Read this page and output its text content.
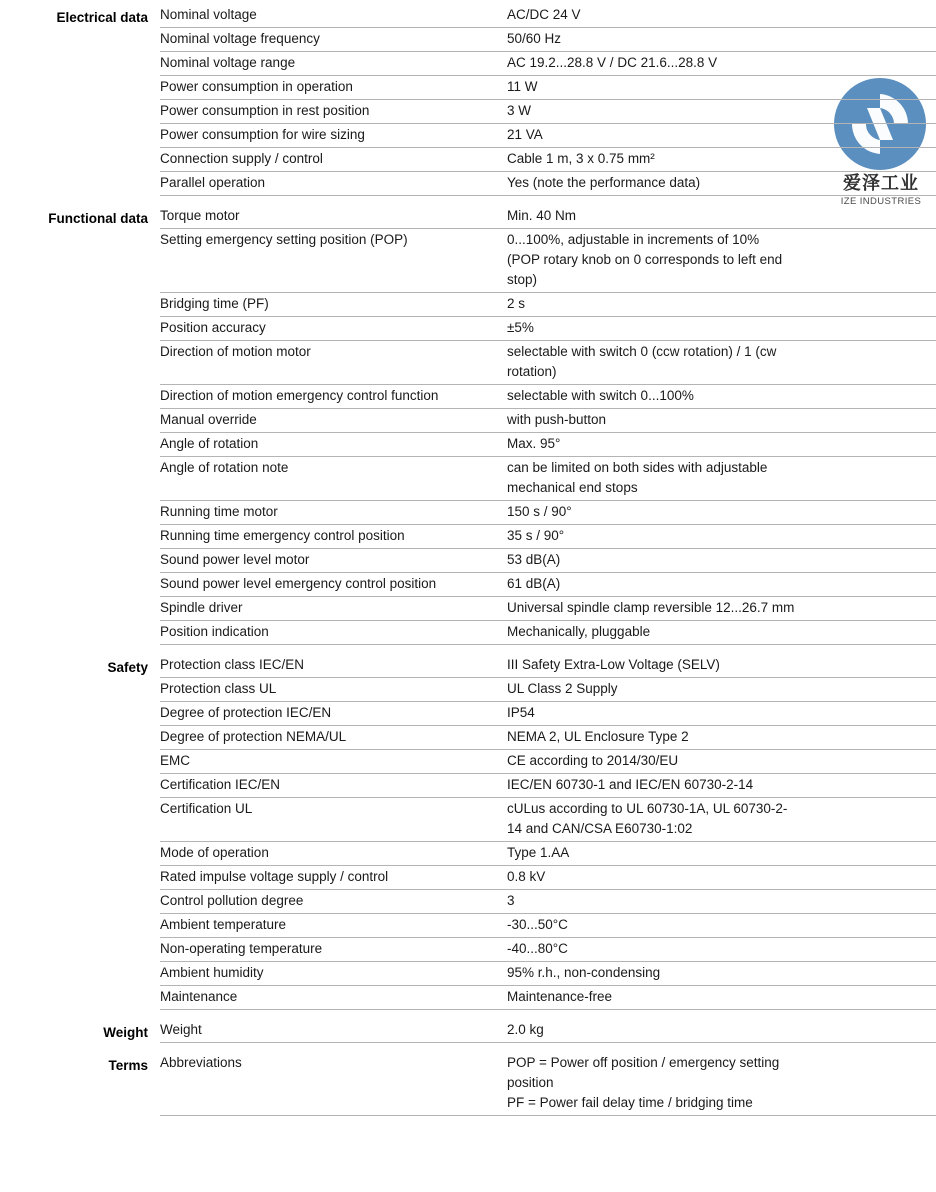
爱泽工业
IZE INDUSTRIES
Electrical data Nominal voltage	AC/DC 24 V
Nominal voltage frequency	50/60 Hz
Nominal voltage range	AC 19.2...28.8 V / DC 21.6...28.8 V
Power consumption in operation	11 W
Power consumption in rest position	3 W
Power consumption for wire sizing	21 VA
Connection supply / control	Cable 1 m, 3 x 0.75 mm²
Parallel operation	Yes (note the performance data)
Functional data Torque motor	Min. 40 Nm
Setting emergency setting position (POP)	0...100%, adjustable in increments of 10%
(POP rotary knob on 0 corresponds to left end
stop)
Bridging time (PF)	2 s
Position accuracy	±5%
Direction of motion motor	selectable with switch 0 (ccw rotation) / 1 (cw
rotation)
Direction of motion emergency control function	selectable with switch 0...100%
Manual override	with push-button
Angle of rotation	Max. 95°
Angle of rotation note	can be limited on both sides with adjustable
mechanical end stops
Running time motor	150 s / 90°
Running time emergency control position	35 s / 90°
Sound power level motor	53 dB(A)
Sound power level emergency control position	61 dB(A)
Spindle driver	Universal spindle clamp reversible 12...26.7 mm
Position indication	Mechanically, pluggable
Safety Protection class IEC/EN	III Safety Extra-Low Voltage (SELV)
Protection class UL	UL Class 2 Supply
Degree of protection IEC/EN	IP54
Degree of protection NEMA/UL	NEMA 2, UL Enclosure Type 2
EMC	CE according to 2014/30/EU
Certification IEC/EN	IEC/EN 60730-1 and IEC/EN 60730-2-14
Certification UL	cULus according to UL 60730-1A, UL 60730-2-
14 and CAN/CSA E60730-1:02
Mode of operation	Type 1.AA
Rated impulse voltage supply / control	0.8 kV
Control pollution degree	3
Ambient temperature	-30...50°C
Non-operating temperature	-40...80°C
Ambient humidity	95% r.h., non-condensing
Maintenance	Maintenance-free
Weight Weight	2.0 kg
Terms Abbreviations	POP = Power off position / emergency setting
position
PF = Power fail delay time / bridging time
